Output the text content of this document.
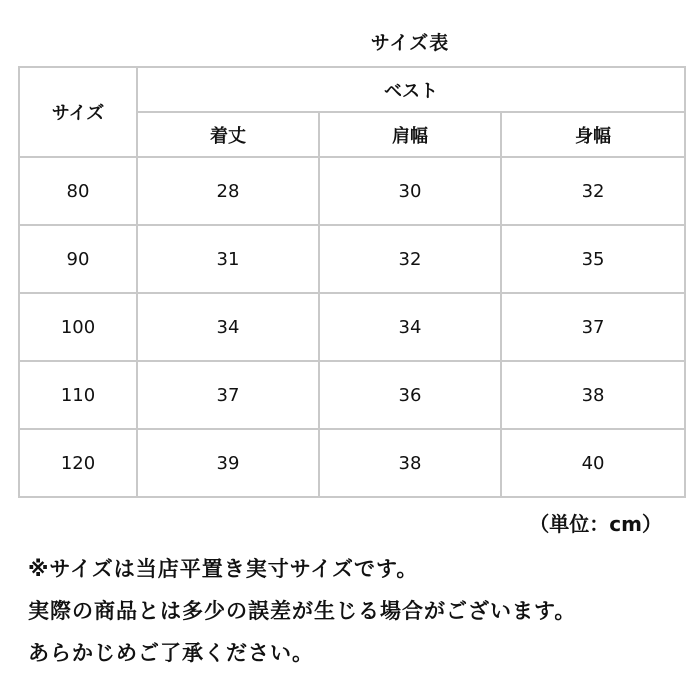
サイズ表
サイズ	ベスト		
	着丈	肩幅	身幅
80	28	30	32
90	31	32	35
100	34	34	37
110	37	36	38
120	39	38	40
（単位：cm）
※サイズは当店平置き実寸サイズです。
実際の商品とは多少の誤差が生じる場合がございます。
あらかじめご了承ください。
